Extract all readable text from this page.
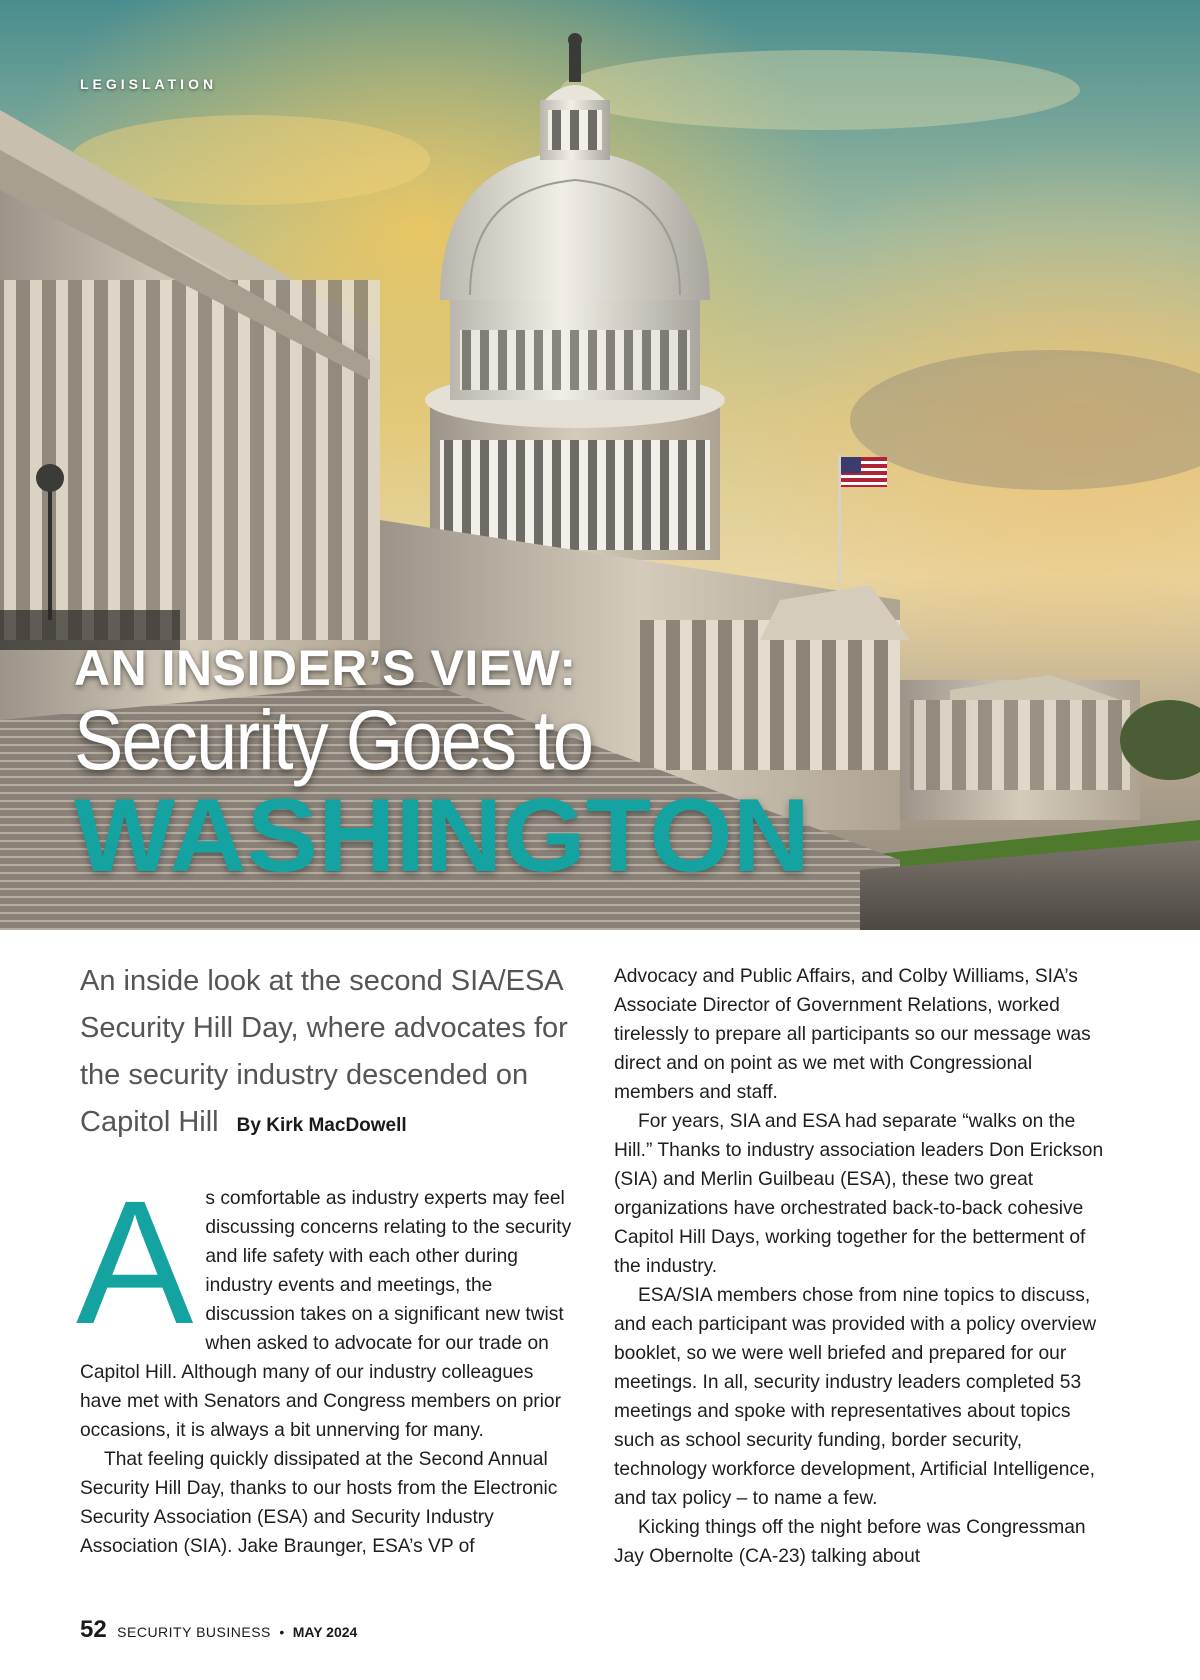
LEGISLATION
AN INSIDER’S VIEW:
Security Goes to
WASHINGTON
An inside look at the second SIA/ESA Security Hill Day, where advocates for the security industry descended on Capitol Hill By Kirk MacDowell

As comfortable as industry experts may feel discussing concerns relating to the security and life safety with each other during industry events and meetings, the discussion takes on a significant new twist when asked to advocate for our trade on Capitol Hill. Although many of our industry colleagues have met with Senators and Congress members on prior occasions, it is always a bit unnerving for many.

That feeling quickly dissipated at the Second Annual Security Hill Day, thanks to our hosts from the Electronic Security Association (ESA) and Security Industry Association (SIA). Jake Braunger, ESA’s VP of

Advocacy and Public Affairs, and Colby Williams, SIA’s Associate Director of Government Relations, worked tirelessly to prepare all participants so our message was direct and on point as we met with Congressional members and staff.

For years, SIA and ESA had separate “walks on the Hill.” Thanks to industry association leaders Don Erickson (SIA) and Merlin Guilbeau (ESA), these two great organizations have orchestrated back-to-back cohesive Capitol Hill Days, working together for the betterment of the industry.

ESA/SIA members chose from nine topics to discuss, and each participant was provided with a policy overview booklet, so we were well briefed and prepared for our meetings. In all, security industry leaders completed 53 meetings and spoke with representatives about topics such as school security funding, border security, technology workforce development, Artificial Intelligence, and tax policy – to name a few.

Kicking things off the night before was Congressman Jay Obernolte (CA-23) talking about

52 SECURITY BUSINESS • MAY 2024
